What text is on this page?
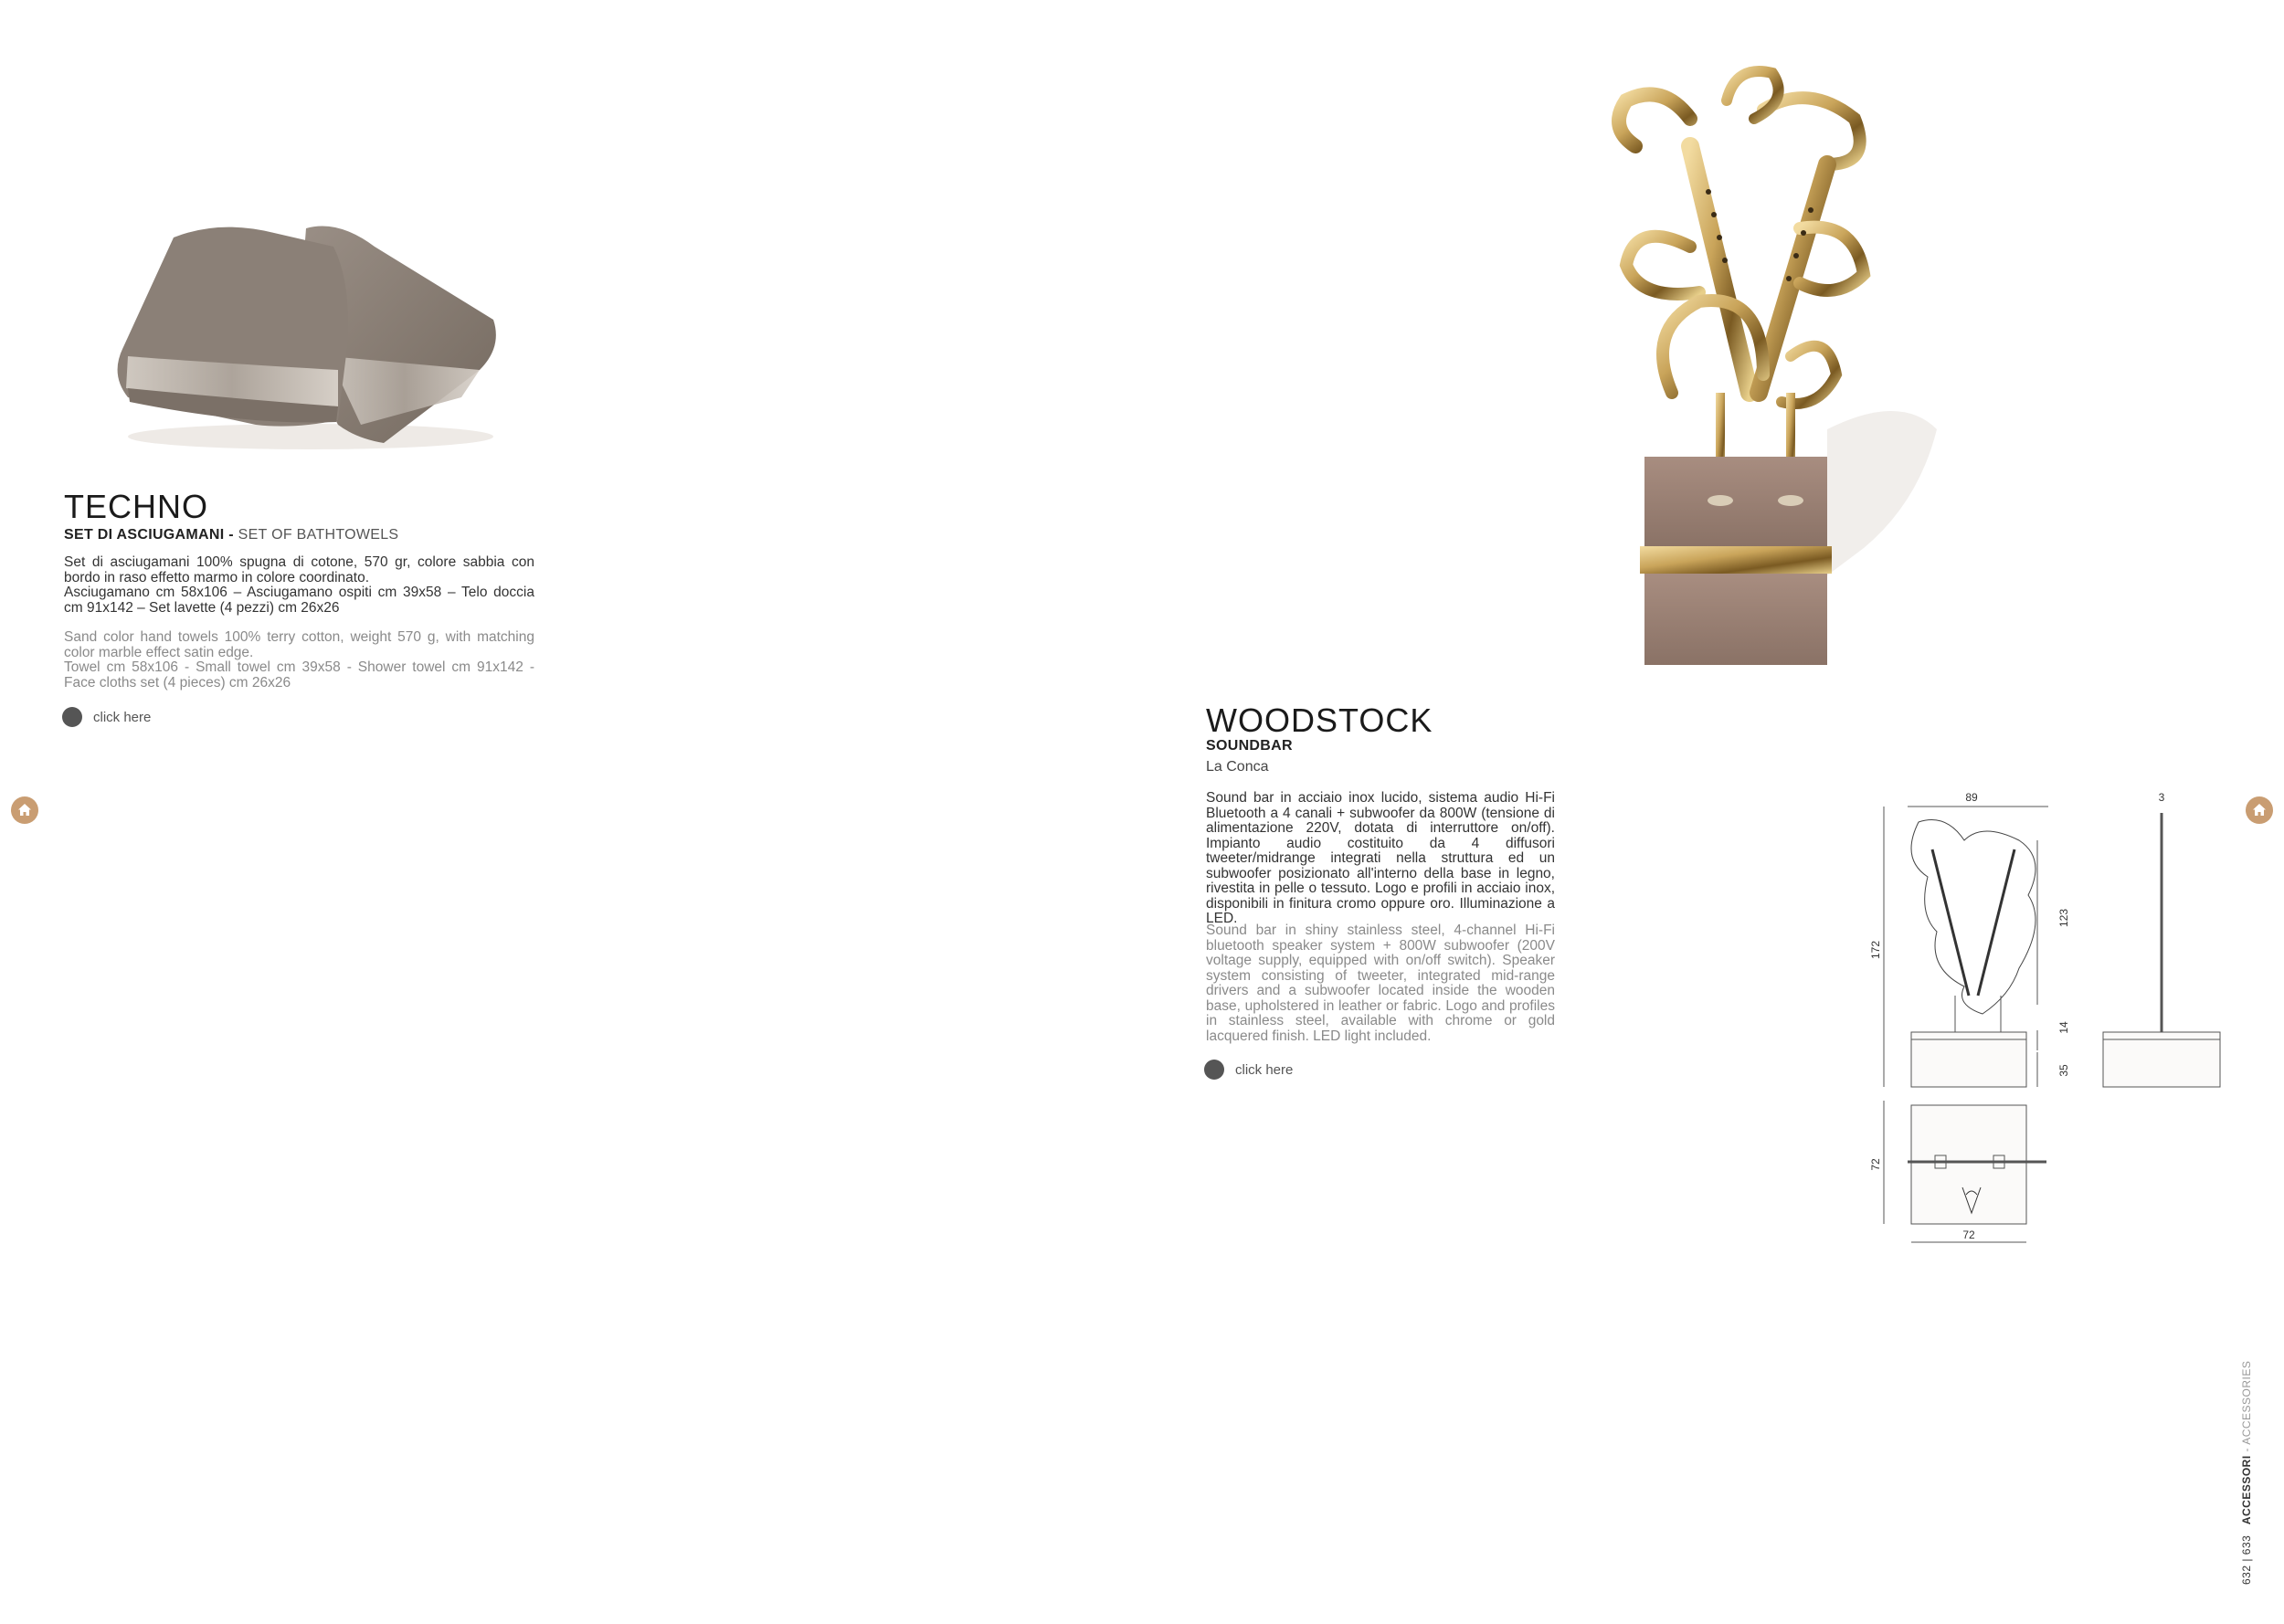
TECHNO
SET DI ASCIUGAMANI - SET OF BATHTOWELS

Set di asciugamani 100% spugna di cotone, 570 gr, colore sabbia con bordo in raso effetto marmo in colore coordinato.
Asciugamano cm 58x106 – Asciugamano ospiti cm 39x58 – Telo doccia cm 91x142 – Set lavette (4 pezzi) cm 26x26

Sand color hand towels 100% terry cotton, weight 570 g, with matching color marble effect satin edge.
Towel cm 58x106 - Small towel cm 39x58 - Shower towel cm 91x142 - Face cloths set (4 pieces) cm 26x26

click here	WOODSTOCK
SOUNDBAR
La Conca

Sound bar in acciaio inox lucido, sistema audio Hi-Fi Bluetooth a 4 canali + subwoofer da 800W (tensione di alimentazione 220V, dotata di interruttore on/off). Impianto audio costituito da 4 diffusori tweeter/midrange integrati nella struttura ed un subwoofer posizionato all'interno della base in legno, rivestita in pelle o tessuto. Logo e profili in acciaio inox, disponibili in finitura cromo oppure oro. Illuminazione a LED.

Sound bar in shiny stainless steel, 4-channel Hi-Fi bluetooth speaker system + 800W subwoofer (200V voltage supply, equipped with on/off switch). Speaker system consisting of tweeter, integrated mid-range drivers and a subwoofer located inside the wooden base, upholstered in leather or fabric. Logo and profiles in stainless steel, available with chrome or gold lacquered finish. LED light included.

click here
89	3
172
123
14
35
72
72
632 | 633   ACCESSORI - ACCESSORIES
